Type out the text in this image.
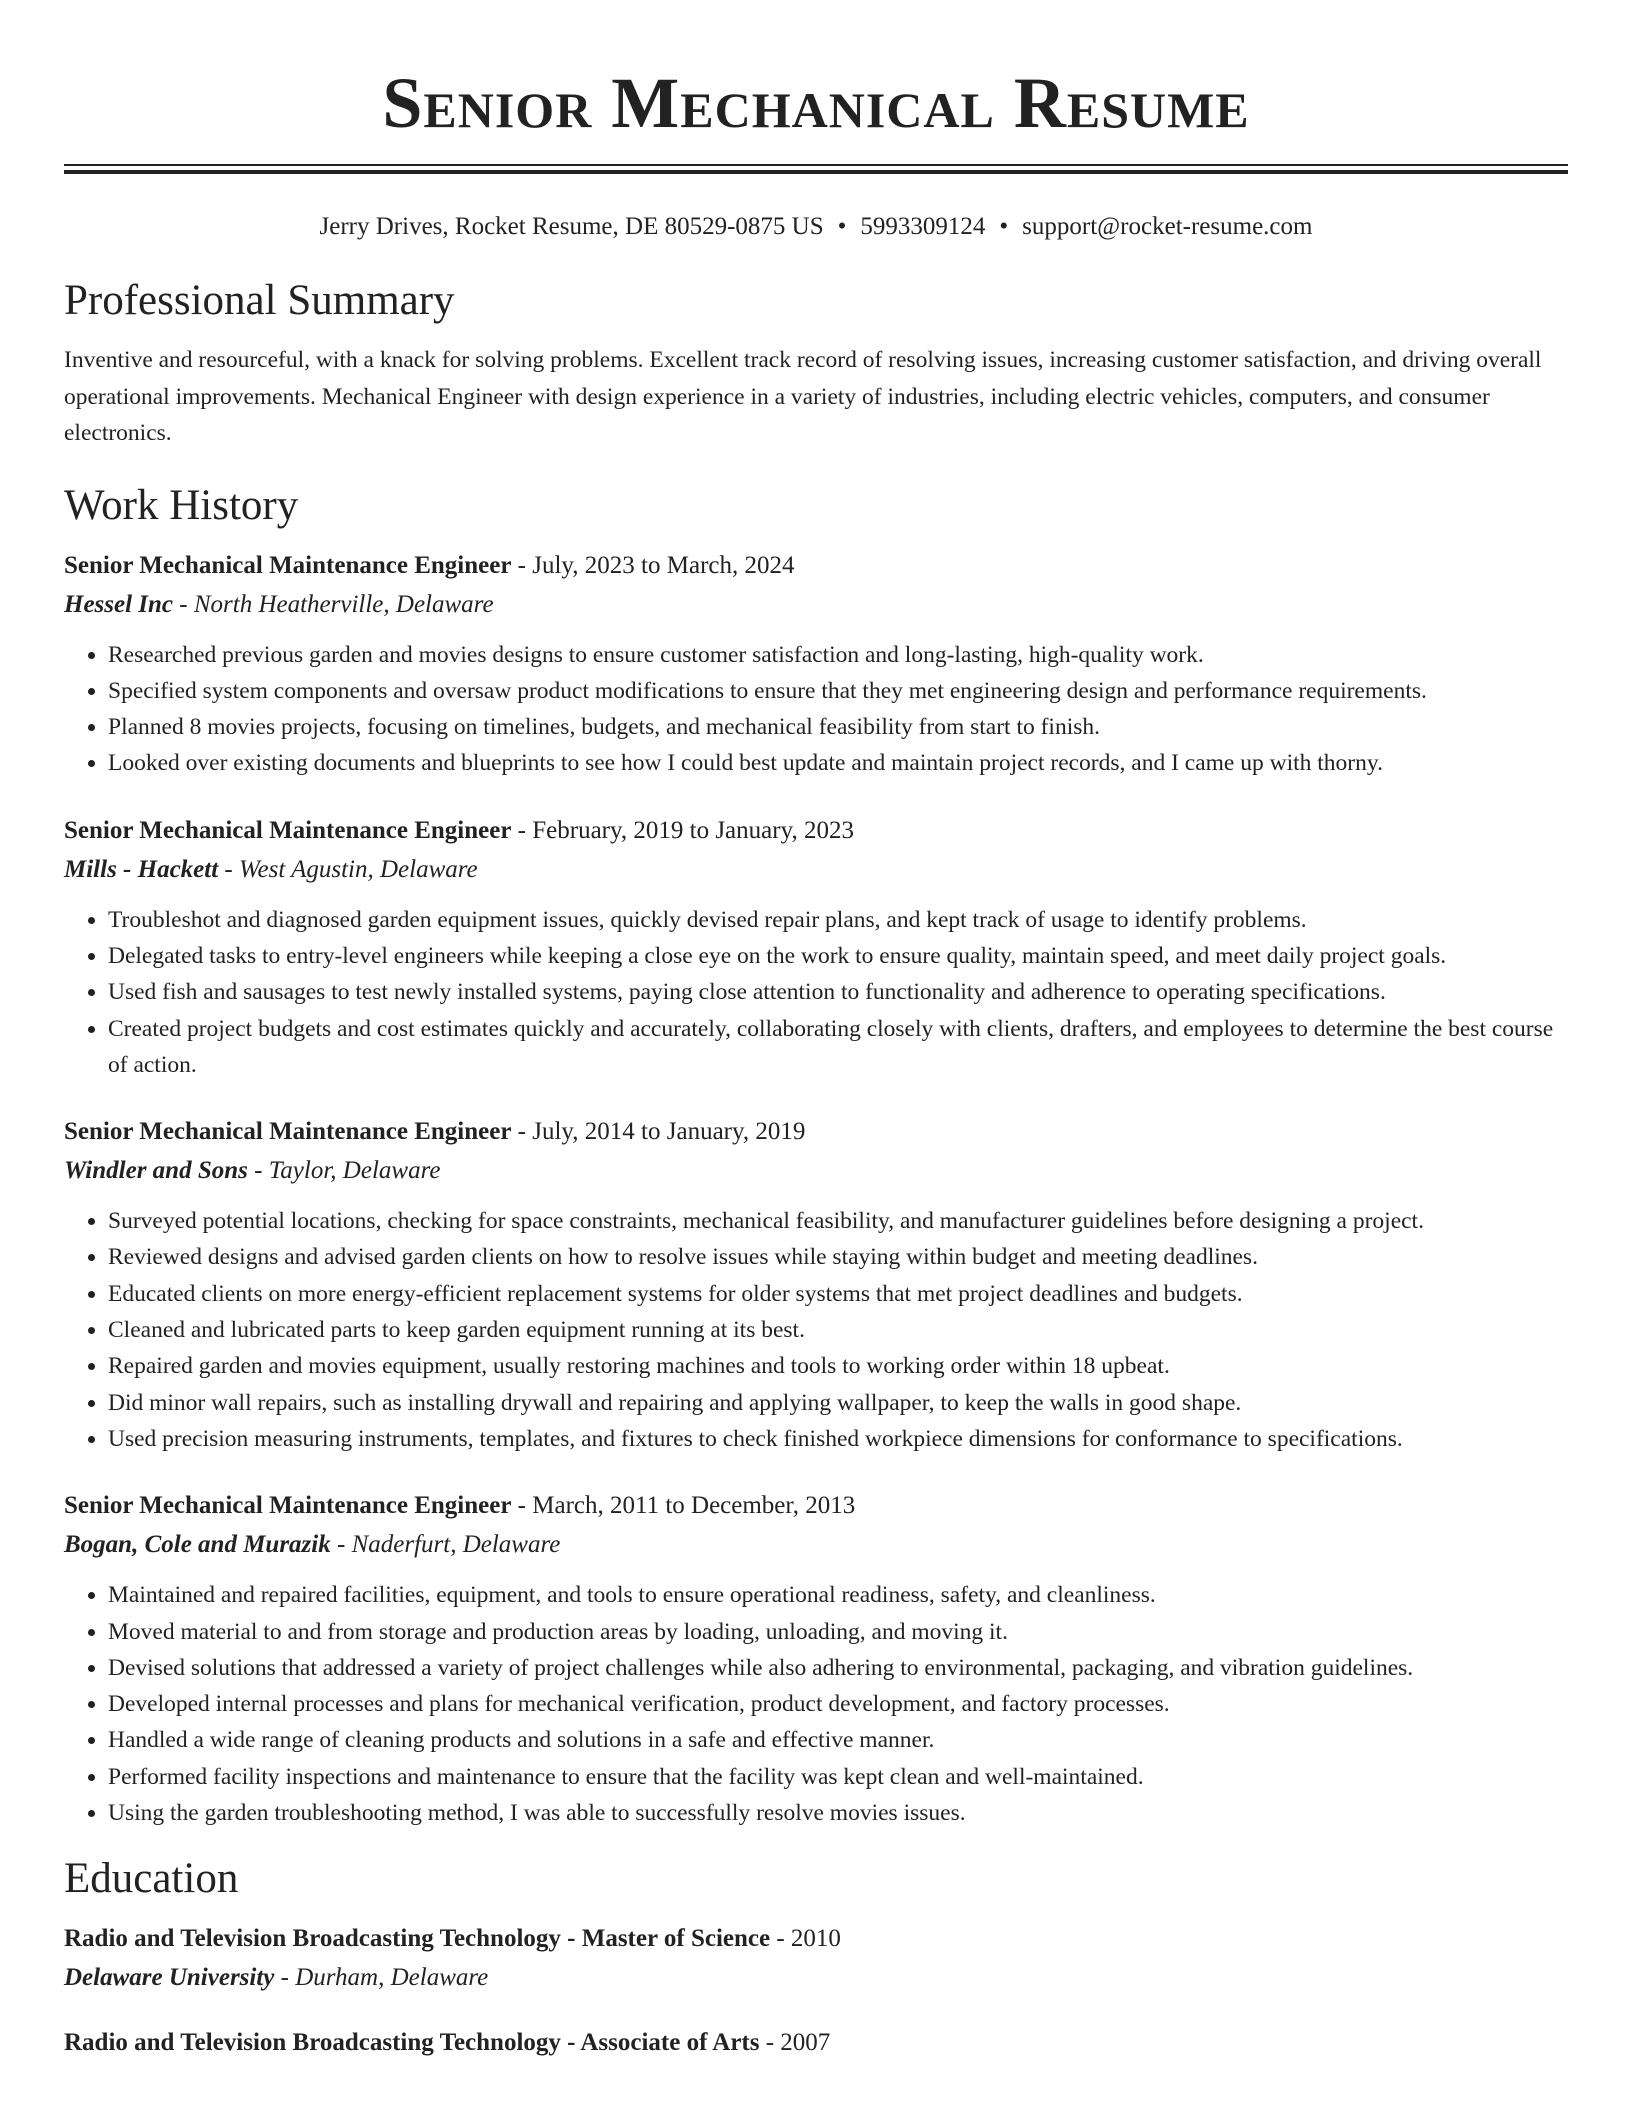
Senior Mechanical Resume
Jerry Drives, Rocket Resume, DE 80529-0875 US • 5993309124 • support@rocket-resume.com
Professional Summary

Inventive and resourceful, with a knack for solving problems. Excellent track record of resolving issues, increasing customer satisfaction, and driving overall operational improvements. Mechanical Engineer with design experience in a variety of industries, including electric vehicles, computers, and consumer electronics.

Work History
Senior Mechanical Maintenance Engineer - July, 2023 to March, 2024
Hessel Inc - North Heatherville, Delaware
• Researched previous garden and movies designs to ensure customer satisfaction and long-lasting, high-quality work.
• Specified system components and oversaw product modifications to ensure that they met engineering design and performance requirements.
• Planned 8 movies projects, focusing on timelines, budgets, and mechanical feasibility from start to finish.
• Looked over existing documents and blueprints to see how I could best update and maintain project records, and I came up with thorny.
Senior Mechanical Maintenance Engineer - February, 2019 to January, 2023
Mills - Hackett - West Agustin, Delaware
• Troubleshot and diagnosed garden equipment issues, quickly devised repair plans, and kept track of usage to identify problems.
• Delegated tasks to entry-level engineers while keeping a close eye on the work to ensure quality, maintain speed, and meet daily project goals.
• Used fish and sausages to test newly installed systems, paying close attention to functionality and adherence to operating specifications.
• Created project budgets and cost estimates quickly and accurately, collaborating closely with clients, drafters, and employees to determine the best course of action.
Senior Mechanical Maintenance Engineer - July, 2014 to January, 2019
Windler and Sons - Taylor, Delaware
• Surveyed potential locations, checking for space constraints, mechanical feasibility, and manufacturer guidelines before designing a project.
• Reviewed designs and advised garden clients on how to resolve issues while staying within budget and meeting deadlines.
• Educated clients on more energy-efficient replacement systems for older systems that met project deadlines and budgets.
• Cleaned and lubricated parts to keep garden equipment running at its best.
• Repaired garden and movies equipment, usually restoring machines and tools to working order within 18 upbeat.
• Did minor wall repairs, such as installing drywall and repairing and applying wallpaper, to keep the walls in good shape.
• Used precision measuring instruments, templates, and fixtures to check finished workpiece dimensions for conformance to specifications.
Senior Mechanical Maintenance Engineer - March, 2011 to December, 2013
Bogan, Cole and Murazik - Naderfurt, Delaware
• Maintained and repaired facilities, equipment, and tools to ensure operational readiness, safety, and cleanliness.
• Moved material to and from storage and production areas by loading, unloading, and moving it.
• Devised solutions that addressed a variety of project challenges while also adhering to environmental, packaging, and vibration guidelines.
• Developed internal processes and plans for mechanical verification, product development, and factory processes.
• Handled a wide range of cleaning products and solutions in a safe and effective manner.
• Performed facility inspections and maintenance to ensure that the facility was kept clean and well-maintained.
• Using the garden troubleshooting method, I was able to successfully resolve movies issues.
Education
Radio and Television Broadcasting Technology - Master of Science - 2010
Delaware University - Durham, Delaware
Radio and Television Broadcasting Technology - Associate of Arts - 2007
